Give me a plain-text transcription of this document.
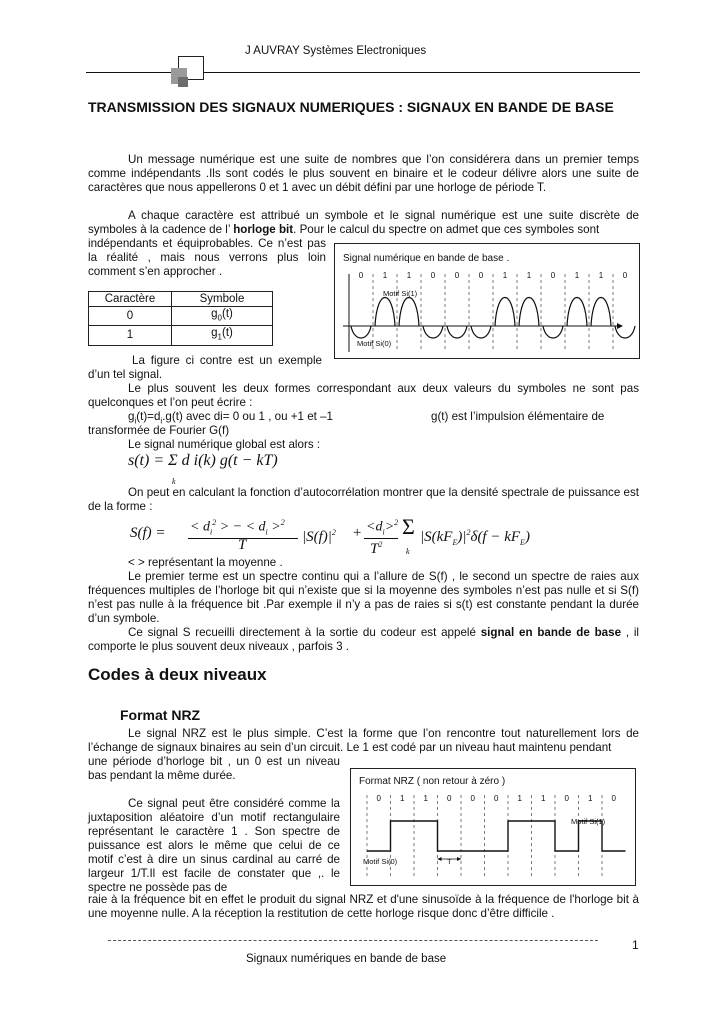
J AUVRAY Systèmes Electroniques
TRANSMISSION DES SIGNAUX NUMERIQUES : SIGNAUX EN BANDE DE BASE

Un message numérique est une suite de nombres que l’on considérera dans un premier temps comme indépendants .Ils sont codés le plus souvent en binaire et le codeur délivre alors une suite de caractères que nous appellerons 0 et 1 avec un débit défini par une horloge de période T.

A chaque caractère est attribué un symbole et le signal numérique est une suite discrète de symboles à la cadence de l’ horloge bit. Pour le calcul du spectre on admet que ces symboles sont

indépendants et équiprobables. Ce n’est pas la réalité , mais nous verrons plus loin comment s’en approcher .
Caractère	Symbole
0	$g_0(t)$
1	$g_1(t)$
Signal numérique en bande de base .
0 1 1 0 0 0 1 1 0 1 1 0
Motif Si(1)
Motif Si(0)
La figure ci contre est un exemple d’un tel signal.

Le plus souvent les deux formes correspondant aux deux valeurs du symboles ne sont pas quelconques et l’on peut écrire :

$g_i(t)=d_i.g(t)$ avec di= 0 ou 1 , ou +1 et –1	g(t) est l’impulsion élémentaire de
transformée de Fourier G(f)
Le signal numérique global est alors :
s(t) = Σ d i(k) g(t − kT)
k

On peut en calculant la fonction d’autocorrélation montrer que la densité spectrale de puissance est de la forme :

S(f) = < $d_i^2$ > − < $d_i >^2$
T	$|S(f)|^2 + <d_i>^2$
$T^2$
Σ $|S(kF_E)|^2\delta(f - kF_E)$
k
< > représentant la moyenne .

Le premier terme est un spectre continu qui a l’allure de S(f) , le second un spectre de raies aux fréquences multiples de l’horloge bit qui n’existe que si la moyenne des symboles n’est pas nulle et si S(f) n’est pas nulle à la fréquence bit .Par exemple il n’y a pas de raies si s(t) est constante pendant la durée d’un symbole.

Ce signal S recueilli directement à la sortie du codeur est appelé signal en bande de base , il comporte le plus souvent deux niveaux , parfois 3 .

Codes à deux niveaux
Format NRZ

Le signal NRZ est le plus simple. C’est la forme que l’on rencontre tout naturellement lors de l’échange de signaux binaires au sein d’un circuit. Le 1 est codé par un niveau haut maintenu pendant

une période d’horloge bit , un 0 est un niveau bas pendant la même durée.	Format NRZ ( non retour à zéro )
0 1 1 0 0 0 1 1 0 1 0
Motif Si(1)
Motif Si(0)	T
Ce signal peut être considéré comme la juxtaposition aléatoire d’un motif rectangulaire représentant le caractère 1 . Son spectre de puissance est alors le même que celui de ce motif c’est à dire un sinus cardinal au carré de largeur 1/T.Il est facile de constater que ,. le spectre ne possède pas de
raie à la fréquence bit en effet le produit du signal NRZ et d'une sinusoïde à la fréquence de l'horloge bit à une moyenne nulle. A la réception la restitution de cette horloge risque donc d’être difficile .
1
Signaux numériques en bande de base
